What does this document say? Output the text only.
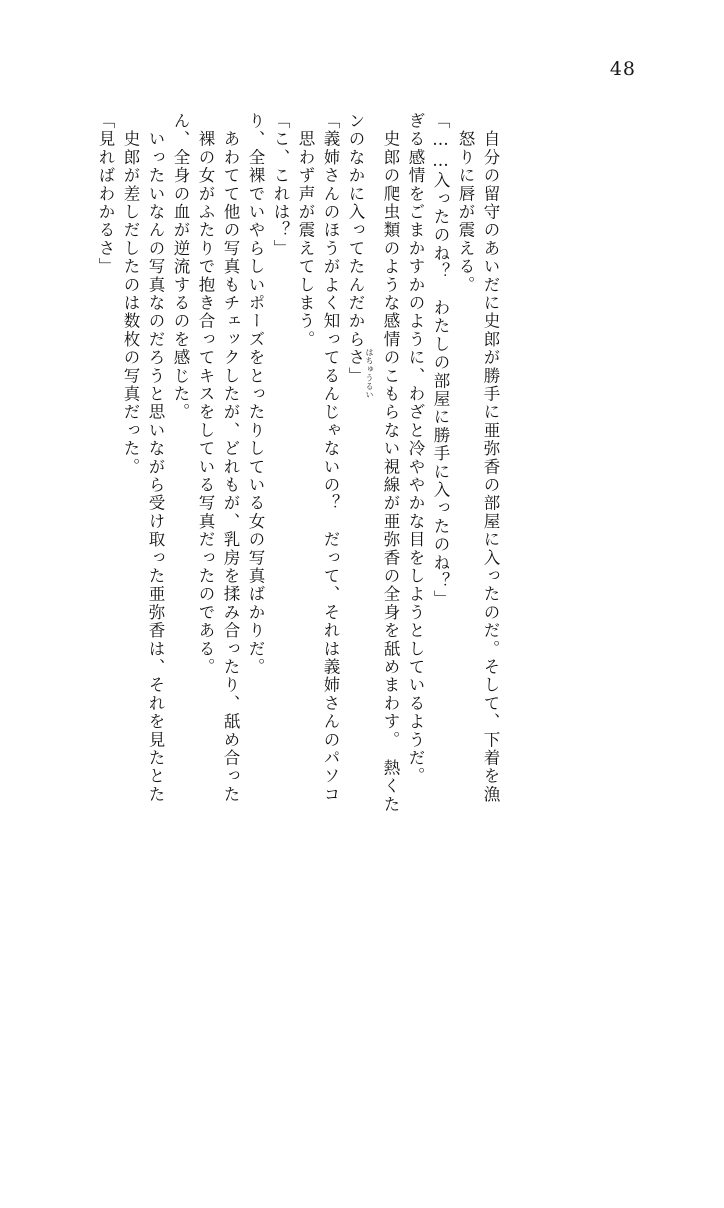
48
「見ればわかるさ」 　史郎が差しだしたのは数枚の写真だった。 　いったいなんの写真なのだろうと思いながら受け取った亜弥香は、それを見たとた ん、全身の血が逆流するのを感じた。 　裸の女がふたりで抱き合ってキスをしている写真だったのである。 　あわてて他の写真もチェックしたが、どれもが、乳房を揉み合ったり、舐め合った り、全裸でいやらしいポーズをとったりしている女の写真ばかりだ。 「こ、これは？」 　思わず声が震えてしまう。 「義姉さんのほうがよく知ってるんじゃないの？　だって、それは義姉さんのパソコ ンのなかに入ってたんだからさ」 はちゅうるい 　史郎の爬虫類のような感情のこもらない視線が亜弥香の全身を舐めまわす。　熱くた ぎる感情をごまかすかのように、わざと冷ややかな目をしようとしているようだ。 「……入ったのね？　わたしの部屋に勝手に入ったのね？」 　怒りに唇が震える。 　自分の留守のあいだに史郎が勝手に亜弥香の部屋に入ったのだ。そして、下着を漁
